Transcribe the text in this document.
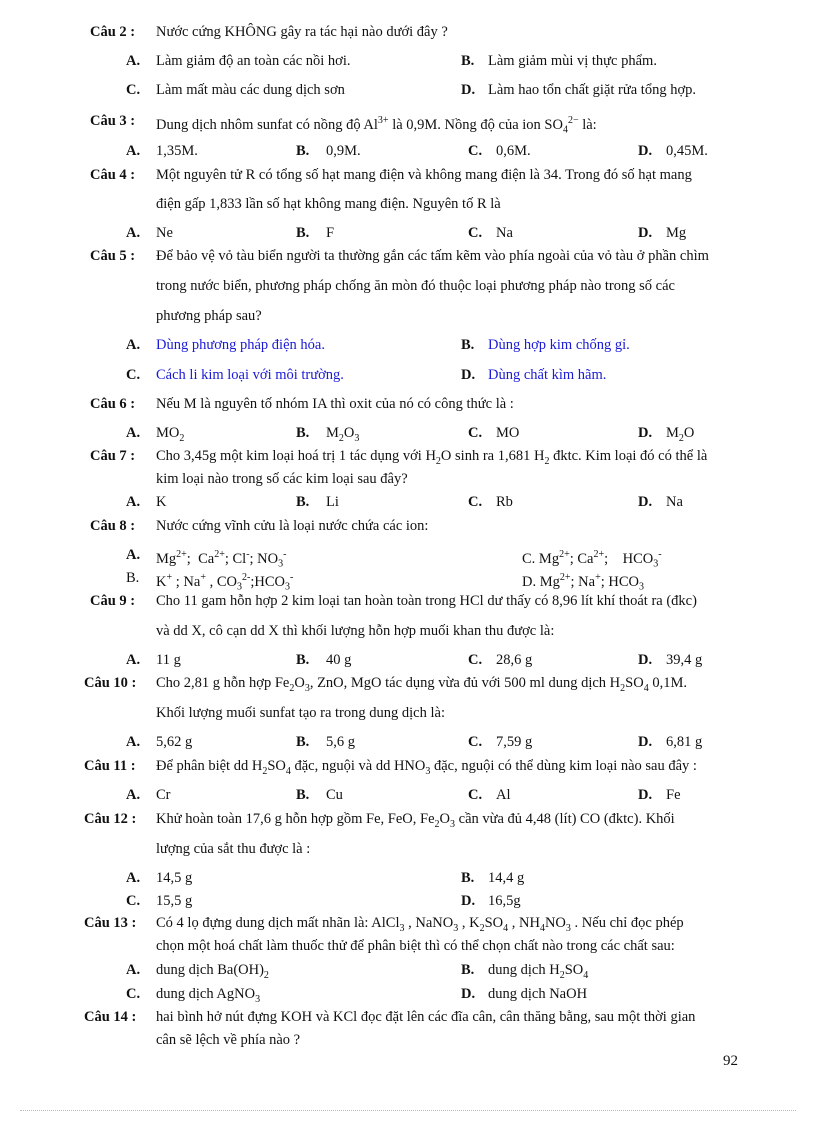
Câu 2 : Nước cứng KHÔNG gây ra tác hại nào dưới đây ?
A. Làm giảm độ an toàn các nồi hơi.	B. Làm giảm mùi vị thực phẩm.
C. Làm mất màu các dung dịch sơn	D. Làm hao tổn chất giặt rửa tổng hợp.
Câu 3 : Dung dịch nhôm sunfat có nồng độ $Al^{3+}$ là 0,9M. Nồng độ của ion $SO_4^{2-}$ là:
A. 1,35M.	B. 0,9M.	C. 0,6M.	D. 0,45M.
Câu 4 : Một nguyên tử R có tổng số hạt mang điện và không mang điện là 34. Trong đó số hạt mang
điện gấp 1,833 lần số hạt không mang điện. Nguyên tố R là
A. Ne	B. F	C. Na	D. Mg
Câu 5 : Để bảo vệ vỏ tàu biển người ta thường gắn các tấm kẽm vào phía ngoài của vỏ tàu ở phần chìm
trong nước biển, phương pháp chống ăn mòn đó thuộc loại phương pháp nào trong số các
phương pháp sau?
A. Dùng phương pháp điện hóa.	B. Dùng hợp kim chống gỉ.
C. Cách li kim loại với môi trường.	D. Dùng chất kìm hãm.
Câu 6 : Nếu M là nguyên tố nhóm IA thì oxit của nó có công thức là :
A. $MO_2$	B. $M_2O_3$	C. MO	D. $M_2O$
Câu 7 : Cho 3,45g một kim loại hoá trị 1 tác dụng với $H_2O$ sinh ra 1,681 $H_2$ đktc. Kim loại đó có thể là
kim loại nào trong số các kim loại sau đây?
A. K	B. Li	C. Rb	D. Na
Câu 8 : Nước cứng vĩnh cửu là loại nước chứa các ion:
A. $Mg^{2+}$;  $Ca^{2+}$; Cl-; $NO_3^-$	C. $Mg^{2+}$; $Ca^{2+}$;    $HCO_3^-$
B. K+ ; Na+ , $CO_3^{2-};HCO_3^-$	D. $Mg^{2+}$; Na+; $HCO_3$
Câu 9 : Cho 11 gam hỗn hợp 2 kim loại tan hoàn toàn trong HCl dư thấy có 8,96 lít khí thoát ra (đkc)
và dd X, cô cạn dd X thì khối lượng hỗn hợp muối khan thu được là:
A. 11 g	B. 40 g	C. 28,6 g	D. 39,4 g
Câu 10 : Cho 2,81 g hỗn hợp $Fe_2O_3$, ZnO, MgO tác dụng vừa đủ với 500 ml dung dịch $H_2SO_4$ 0,1M.
Khối lượng muối sunfat tạo ra trong dung dịch là:
A. 5,62 g	B. 5,6 g	C. 7,59 g	D. 6,81 g
Câu 11 : Để phân biệt dd $H_2SO_4$ đặc, nguội và dd $HNO_3$ đặc, nguội có thể dùng kim loại nào sau đây :
A. Cr	B. Cu	C. Al	D. Fe
Câu 12 : Khử hoàn toàn 17,6 g hỗn hợp gồm Fe, FeO, $Fe_2O_3$ cần vừa đủ 4,48 (lít) CO (đktc). Khối
lượng của sắt thu được là :
A. 14,5 g	B. 14,4 g
C. 15,5 g	D. 16,5g
Câu 13 : Có 4 lọ đựng dung dịch mất nhãn là: AlCl$_3$ , NaNO$_3$ , $K_2SO_4$ , $NH_4NO_3$ . Nếu chỉ đọc phép
chọn một hoá chất làm thuốc thử để phân biệt thì có thể chọn chất nào trong các chất sau:
A. dung dịch $Ba(OH)_2$	B. dung dịch $H_2SO_4$
C. dung dịch AgNO$_3$	D. dung dịch NaOH
Câu 14 : hai bình hở nút đựng KOH và KCl đọc đặt lên các đĩa cân, cân thăng bằng, sau một thời gian
cân sẽ lệch về phía nào ?
92
